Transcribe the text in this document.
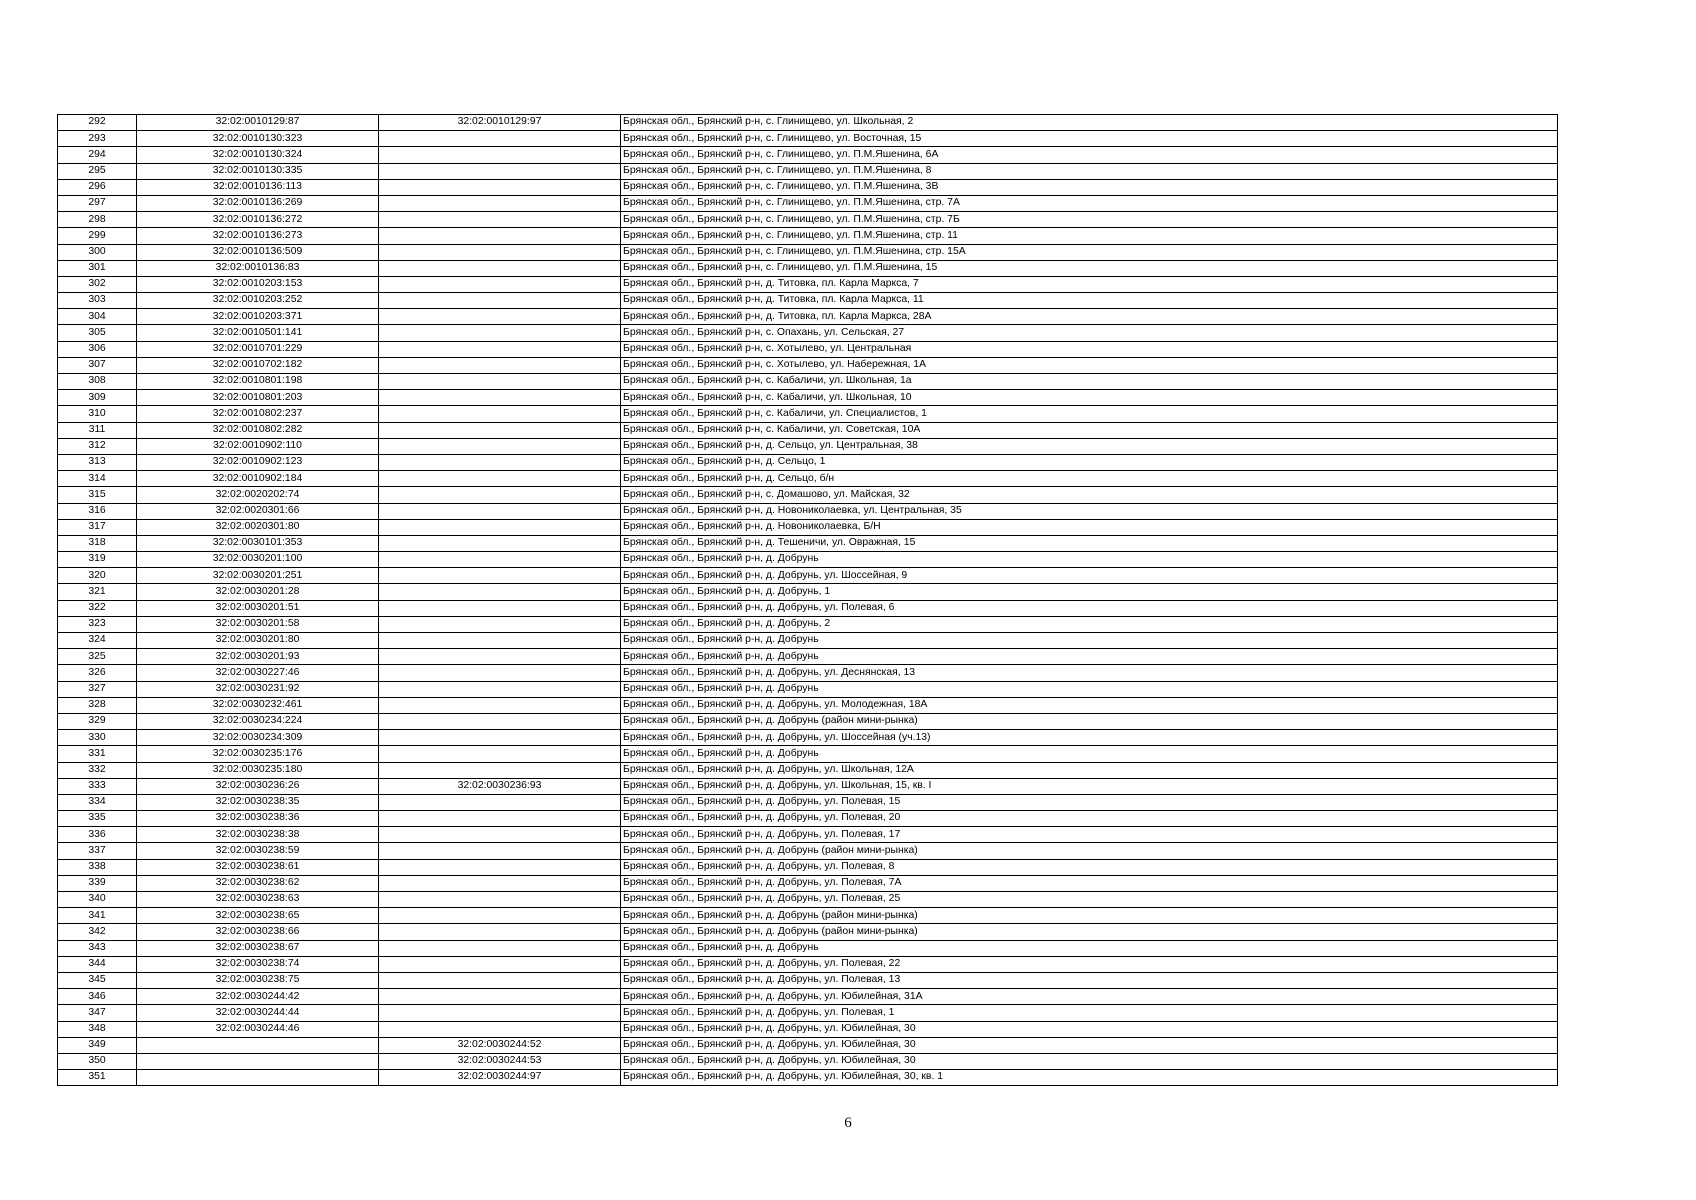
292	32:02:0010129:87	32:02:0010129:97	Брянская обл., Брянский р-н, с. Глинищево, ул. Школьная, 2
293	32:02:0010130:323		Брянская обл., Брянский р-н, с. Глинищево, ул. Восточная, 15
294	32:02:0010130:324		Брянская обл., Брянский р-н, с. Глинищево, ул. П.М.Яшенина, 6А
295	32:02:0010130:335		Брянская обл., Брянский р-н, с. Глинищево, ул. П.М.Яшенина, 8
296	32:02:0010136:113		Брянская обл., Брянский р-н, с. Глинищево, ул. П.М.Яшенина, 3В
297	32:02:0010136:269		Брянская обл., Брянский р-н, с. Глинищево, ул. П.М.Яшенина, стр. 7А
298	32:02:0010136:272		Брянская обл., Брянский р-н, с. Глинищево, ул. П.М.Яшенина, стр. 7Б
299	32:02:0010136:273		Брянская обл., Брянский р-н, с. Глинищево, ул. П.М.Яшенина, стр. 11
300	32:02:0010136:509		Брянская обл., Брянский р-н, с. Глинищево, ул. П.М.Яшенина, стр. 15А
301	32:02:0010136:83		Брянская обл., Брянский р-н, с. Глинищево, ул. П.М.Яшенина, 15
302	32:02:0010203:153		Брянская обл., Брянский р-н, д. Титовка, пл. Карла Маркса, 7
303	32:02:0010203:252		Брянская обл., Брянский р-н, д. Титовка, пл. Карла Маркса, 11
304	32:02:0010203:371		Брянская обл., Брянский р-н, д. Титовка, пл. Карла Маркса, 28А
305	32:02:0010501:141		Брянская обл., Брянский р-н, с. Опахань, ул. Сельская, 27
306	32:02:0010701:229		Брянская обл., Брянский р-н, с. Хотылево, ул. Центральная
307	32:02:0010702:182		Брянская обл., Брянский р-н, с. Хотылево, ул. Набережная, 1А
308	32:02:0010801:198		Брянская обл., Брянский р-н, с. Кабаличи, ул. Школьная, 1а
309	32:02:0010801:203		Брянская обл., Брянский р-н, с. Кабаличи, ул. Школьная, 10
310	32:02:0010802:237		Брянская обл., Брянский р-н, с. Кабаличи, ул. Специалистов, 1
311	32:02:0010802:282		Брянская обл., Брянский р-н, с. Кабаличи, ул. Советская, 10А
312	32:02:0010902:110		Брянская обл., Брянский р-н, д. Сельцо, ул. Центральная, 38
313	32:02:0010902:123		Брянская обл., Брянский р-н, д. Сельцо, 1
314	32:02:0010902:184		Брянская обл., Брянский р-н, д. Сельцо, б/н
315	32:02:0020202:74		Брянская обл., Брянский р-н, с. Домашово, ул. Майская, 32
316	32:02:0020301:66		Брянская обл., Брянский р-н, д. Новониколаевка, ул. Центральная, 35
317	32:02:0020301:80		Брянская обл., Брянский р-н, д. Новониколаевка, Б/Н
318	32:02:0030101:353		Брянская обл., Брянский р-н, д. Тешеничи, ул. Овражная, 15
319	32:02:0030201:100		Брянская обл., Брянский р-н, д. Добрунь
320	32:02:0030201:251		Брянская обл., Брянский р-н, д. Добрунь, ул. Шоссейная, 9
321	32:02:0030201:28		Брянская обл., Брянский р-н, д. Добрунь, 1
322	32:02:0030201:51		Брянская обл., Брянский р-н, д. Добрунь, ул. Полевая, 6
323	32:02:0030201:58		Брянская обл., Брянский р-н, д. Добрунь, 2
324	32:02:0030201:80		Брянская обл., Брянский р-н, д. Добрунь
325	32:02:0030201:93		Брянская обл., Брянский р-н, д. Добрунь
326	32:02:0030227:46		Брянская обл., Брянский р-н, д. Добрунь, ул. Деснянская, 13
327	32:02:0030231:92		Брянская обл., Брянский р-н, д. Добрунь
328	32:02:0030232:461		Брянская обл., Брянский р-н, д. Добрунь, ул. Молодежная, 18А
329	32:02:0030234:224		Брянская обл., Брянский р-н, д. Добрунь (район мини-рынка)
330	32:02:0030234:309		Брянская обл., Брянский р-н, д. Добрунь, ул. Шоссейная (уч.13)
331	32:02:0030235:176		Брянская обл., Брянский р-н, д. Добрунь
332	32:02:0030235:180		Брянская обл., Брянский р-н, д. Добрунь, ул. Школьная, 12А
333	32:02:0030236:26	32:02:0030236:93	Брянская обл., Брянский р-н, д. Добрунь, ул. Школьная, 15, кв. I
334	32:02:0030238:35		Брянская обл., Брянский р-н, д. Добрунь, ул. Полевая, 15
335	32:02:0030238:36		Брянская обл., Брянский р-н, д. Добрунь, ул. Полевая, 20
336	32:02:0030238:38		Брянская обл., Брянский р-н, д. Добрунь, ул. Полевая, 17
337	32:02:0030238:59		Брянская обл., Брянский р-н, д. Добрунь (район мини-рынка)
338	32:02:0030238:61		Брянская обл., Брянский р-н, д. Добрунь, ул. Полевая, 8
339	32:02:0030238:62		Брянская обл., Брянский р-н, д. Добрунь, ул. Полевая, 7А
340	32:02:0030238:63		Брянская обл., Брянский р-н, д. Добрунь, ул. Полевая, 25
341	32:02:0030238:65		Брянская обл., Брянский р-н, д. Добрунь (район мини-рынка)
342	32:02:0030238:66		Брянская обл., Брянский р-н, д. Добрунь (район мини-рынка)
343	32:02:0030238:67		Брянская обл., Брянский р-н, д. Добрунь
344	32:02:0030238:74		Брянская обл., Брянский р-н, д. Добрунь, ул. Полевая, 22
345	32:02:0030238:75		Брянская обл., Брянский р-н, д. Добрунь, ул. Полевая, 13
346	32:02:0030244:42		Брянская обл., Брянский р-н, д. Добрунь, ул. Юбилейная, 31А
347	32:02:0030244:44		Брянская обл., Брянский р-н, д. Добрунь, ул. Полевая, 1
348	32:02:0030244:46		Брянская обл., Брянский р-н, д. Добрунь, ул. Юбилейная, 30
349		32:02:0030244:52	Брянская обл., Брянский р-н, д. Добрунь, ул. Юбилейная, 30
350		32:02:0030244:53	Брянская обл., Брянский р-н, д. Добрунь, ул. Юбилейная, 30
351		32:02:0030244:97	Брянская обл., Брянский р-н, д. Добрунь, ул. Юбилейная, 30, кв. 1
6
